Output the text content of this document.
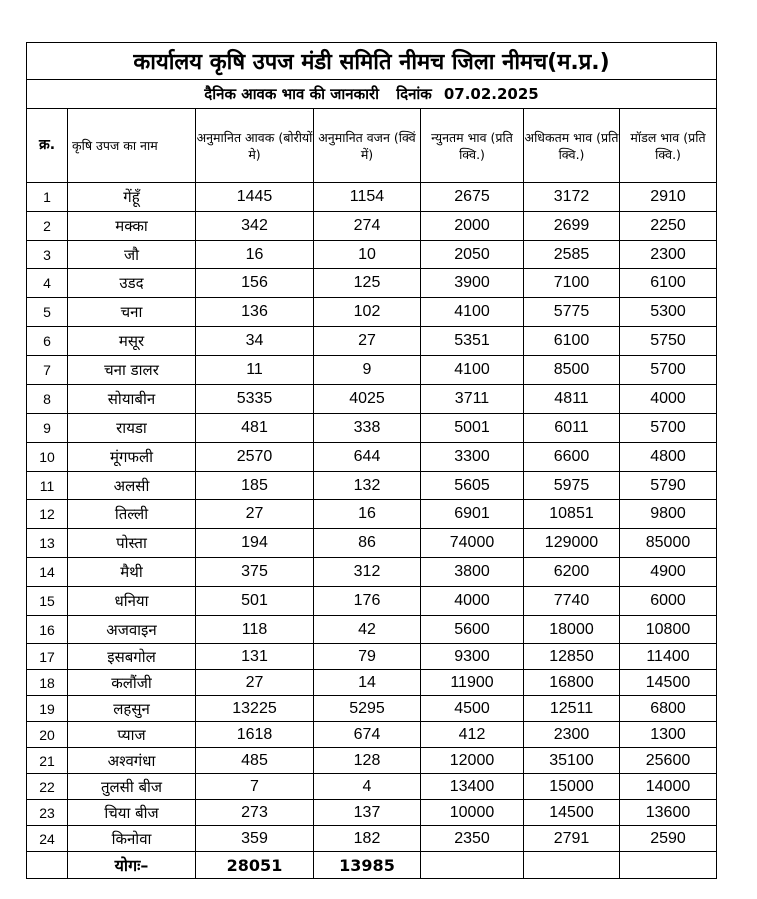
कार्यालय कृषि उपज मंडी समिति नीमच जिला नीमच(म.प्र.)						
दैनिक आवक भाव की जानकारी दिनांक 07.02.2025						
क्र.	कृषि उपज का नाम	अनुमानित आवक (बोरीयों मे)	अनुमानित वजन (क्विं में)	न्युनतम भाव (प्रति क्वि.)	अधिकतम भाव (प्रति क्वि.)	मॉडल भाव (प्रति क्वि.)
1	गेंहूँ	1445	1154	2675	3172	2910
2	मक्का	342	274	2000	2699	2250
3	जौ	16	10	2050	2585	2300
4	उडद	156	125	3900	7100	6100
5	चना	136	102	4100	5775	5300
6	मसूर	34	27	5351	6100	5750
7	चना डालर	11	9	4100	8500	5700
8	सोयाबीन	5335	4025	3711	4811	4000
9	रायडा	481	338	5001	6011	5700
10	मूंगफली	2570	644	3300	6600	4800
11	अलसी	185	132	5605	5975	5790
12	तिल्ली	27	16	6901	10851	9800
13	पोस्ता	194	86	74000	129000	85000
14	मैथी	375	312	3800	6200	4900
15	धनिया	501	176	4000	7740	6000
16	अजवाइन	118	42	5600	18000	10800
17	इसबगोल	131	79	9300	12850	11400
18	कलौंजी	27	14	11900	16800	14500
19	लहसुन	13225	5295	4500	12511	6800
20	प्याज	1618	674	412	2300	1300
21	अश्वगंधा	485	128	12000	35100	25600
22	तुलसी बीज	7	4	13400	15000	14000
23	चिया बीज	273	137	10000	14500	13600
24	किनोवा	359	182	2350	2791	2590
	योगः–	28051	13985			
